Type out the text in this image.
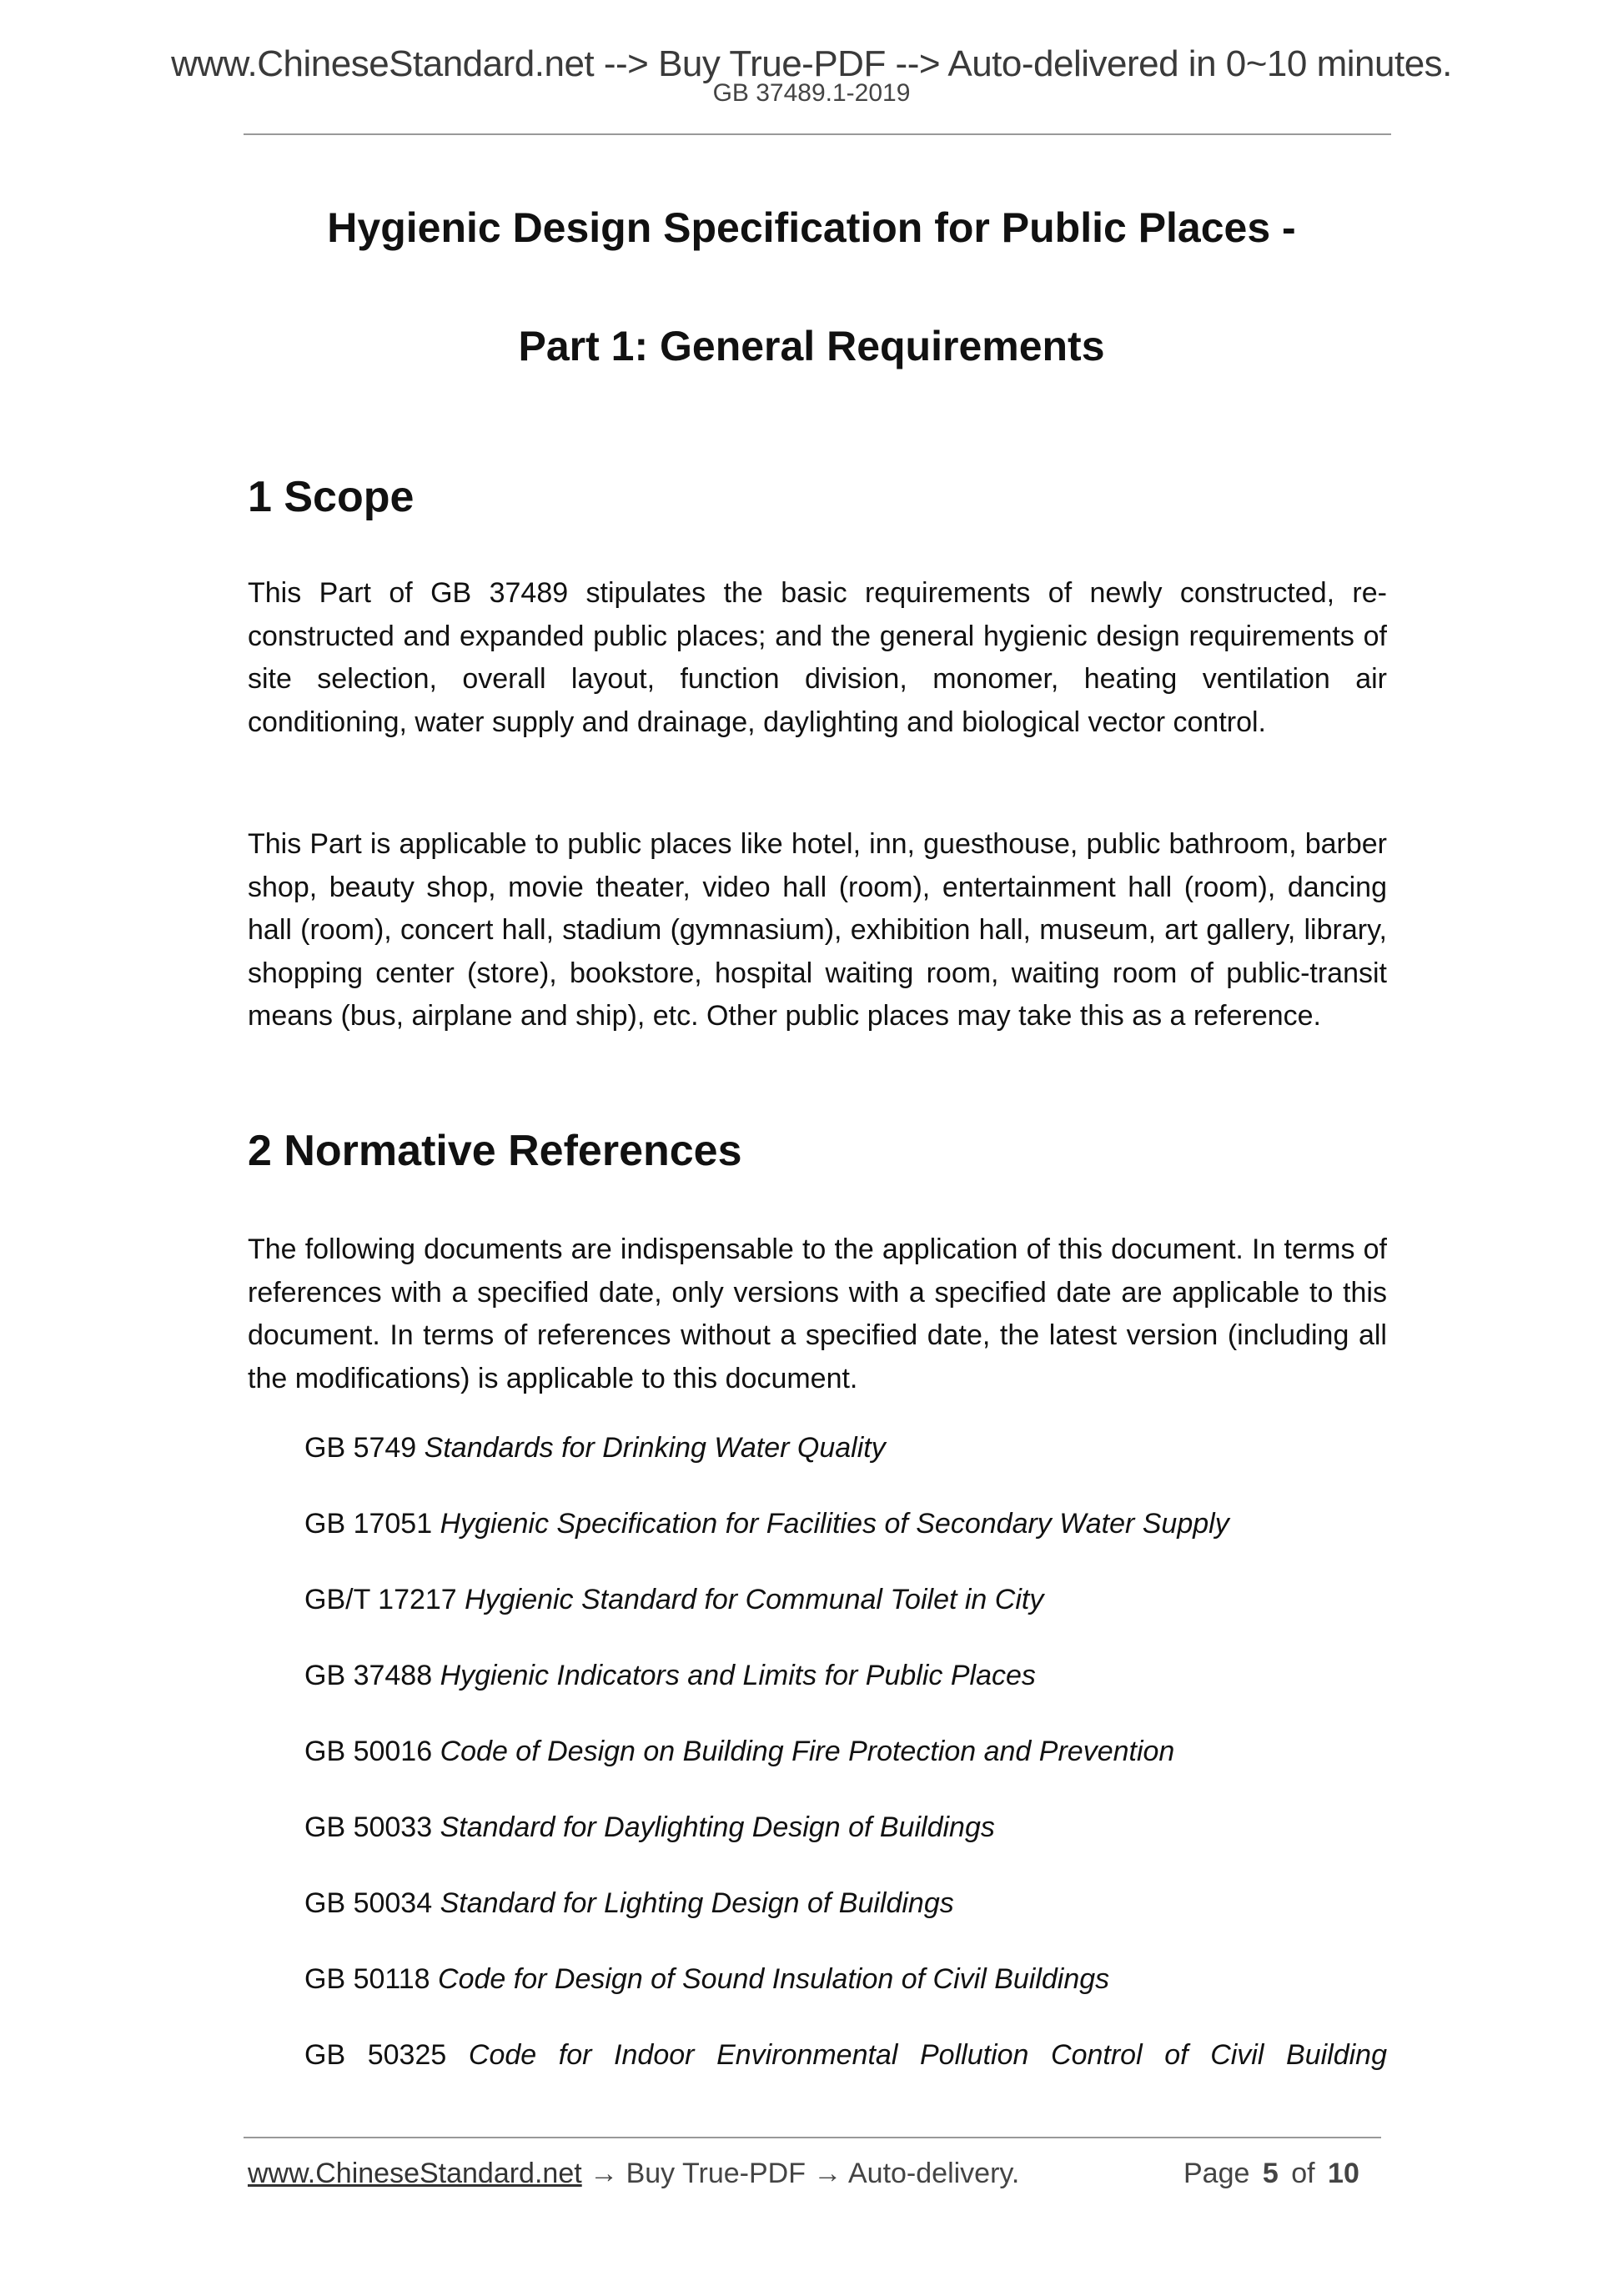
www.ChineseStandard.net --> Buy True-PDF --> Auto-delivered in 0~10 minutes.
GB 37489.1-2019
Hygienic Design Specification for Public Places -
Part 1: General Requirements
1 Scope
This Part of GB 37489 stipulates the basic requirements of newly constructed, re-constructed and expanded public places; and the general hygienic design requirements of site selection, overall layout, function division, monomer, heating ventilation air conditioning, water supply and drainage, daylighting and biological vector control.
This Part is applicable to public places like hotel, inn, guesthouse, public bathroom, barber shop, beauty shop, movie theater, video hall (room), entertainment hall (room), dancing hall (room), concert hall, stadium (gymnasium), exhibition hall, museum, art gallery, library, shopping center (store), bookstore, hospital waiting room, waiting room of public-transit means (bus, airplane and ship), etc. Other public places may take this as a reference.
2 Normative References
The following documents are indispensable to the application of this document. In terms of references with a specified date, only versions with a specified date are applicable to this document. In terms of references without a specified date, the latest version (including all the modifications) is applicable to this document.
GB 5749 Standards for Drinking Water Quality
GB 17051 Hygienic Specification for Facilities of Secondary Water Supply
GB/T 17217 Hygienic Standard for Communal Toilet in City
GB 37488 Hygienic Indicators and Limits for Public Places
GB 50016 Code of Design on Building Fire Protection and Prevention
GB 50033 Standard for Daylighting Design of Buildings
GB 50034 Standard for Lighting Design of Buildings
GB 50118 Code for Design of Sound Insulation of Civil Buildings
GB 50325 Code for Indoor Environmental Pollution Control of Civil Building
www.ChineseStandard.net → Buy True-PDF → Auto-delivery.	Page 5 of 10
